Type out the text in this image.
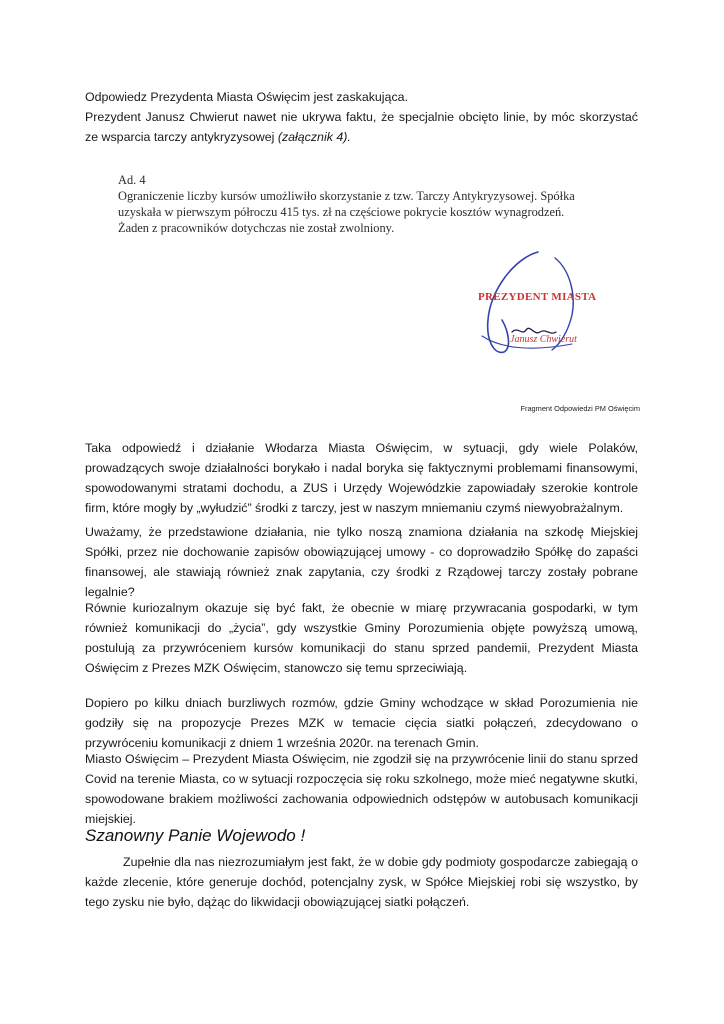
Odpowiedz Prezydenta Miasta Oświęcim jest zaskakująca.

Prezydent Janusz Chwierut nawet nie ukrywa faktu, że specjalnie obcięto linie, by móc skorzystać ze wsparcia tarczy antykryzysowej (załącznik 4).

Ad. 4
Ograniczenie liczby kursów umożliwiło skorzystanie z tzw. Tarczy Antykryzysowej. Spółka
uzyskała w pierwszym półroczu 415 tys. zł na częściowe pokrycie kosztów wynagrodzeń.
Żaden z pracowników dotychczas nie został zwolniony.
PREZYDENT MIASTA
Janusz Chwierut
Fragment Odpowiedzi PM Oświęcim

Taka odpowiedź i działanie Włodarza Miasta Oświęcim, w sytuacji, gdy wiele Polaków, prowadzących swoje działalności borykało i nadal boryka się faktycznymi problemami finansowymi, spowodowanymi stratami dochodu, a ZUS i Urzędy Wojewódzkie zapowiadały szerokie kontrole firm, które mogły by „wyłudzić” środki z tarczy, jest w naszym mniemaniu czymś niewyobrażalnym.

Uważamy, że przedstawione działania, nie tylko noszą znamiona działania na szkodę Miejskiej Spółki, przez nie dochowanie zapisów obowiązującej umowy - co doprowadziło Spółkę do zapaści finansowej, ale stawiają również znak zapytania, czy środki z Rządowej tarczy zostały pobrane legalnie?

Równie kuriozalnym okazuje się być fakt, że obecnie w miarę przywracania gospodarki, w tym również komunikacji do „życia”, gdy wszystkie Gminy Porozumienia objęte powyższą umową, postulują za przywróceniem kursów komunikacji do stanu sprzed pandemii, Prezydent Miasta Oświęcim z Prezes MZK Oświęcim, stanowczo się temu sprzeciwiają.

Dopiero po kilku dniach burzliwych rozmów, gdzie Gminy wchodzące w skład Porozumienia nie godziły się na propozycje Prezes MZK w temacie cięcia siatki połączeń, zdecydowano o przywróceniu komunikacji z dniem 1 września 2020r. na terenach Gmin.

Miasto Oświęcim – Prezydent Miasta Oświęcim, nie zgodził się na przywrócenie linii do stanu sprzed Covid na terenie Miasta, co w sytuacji rozpoczęcia się roku szkolnego, może mieć negatywne skutki, spowodowane brakiem możliwości zachowania odpowiednich odstępów w autobusach komunikacji miejskiej.

Szanowny Panie Wojewodo !

Zupełnie dla nas niezrozumiałym jest fakt, że w dobie gdy podmioty gospodarcze zabiegają o każde zlecenie, które generuje dochód, potencjalny zysk, w Spółce Miejskiej robi się wszystko, by tego zysku nie było, dążąc do likwidacji obowiązującej siatki połączeń.
